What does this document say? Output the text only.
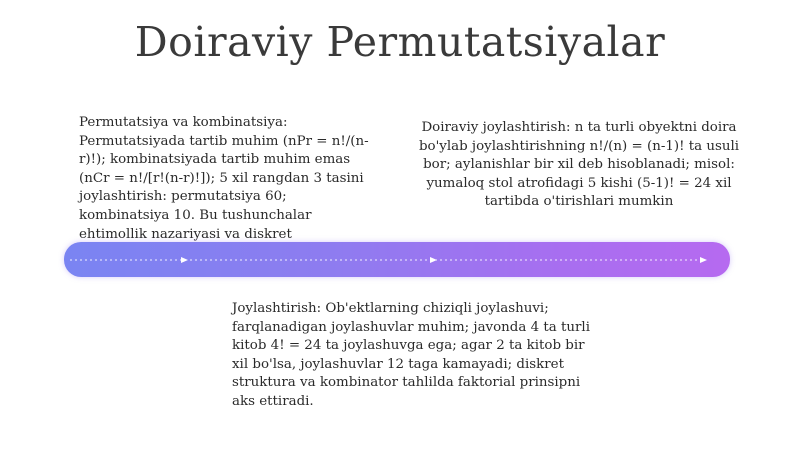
Doiraviy Permutatsiyalar
Permutatsiya va kombinatsiya: Permutatsiyada tartib muhim (nPr = n!/(n-r)!); kombinatsiyada tartib muhim emas (nCr = n!/[r!(n-r)!]); 5 xil rangdan 3 tasini joylashtirish: permutatsiya 60; kombinatsiya 10. Bu tushunchalar ehtimollik nazariyasi va diskret
Doiraviy joylashtirish: n ta turli obyektni doira bo'ylab joylashtirishning n!/(n) = (n-1)! ta usuli bor; aylanishlar bir xil deb hisoblanadi; misol: yumaloq stol atrofidagi 5 kishi (5-1)! = 24 xil tartibda o'tirishlari mumkin
Joylashtirish: Ob'ektlarning chiziqli joylashuvi; farqlanadigan joylashuvlar muhim; javonda 4 ta turli kitob 4! = 24 ta joylashuvga ega; agar 2 ta kitob bir xil bo'lsa, joylashuvlar 12 taga kamayadi; diskret struktura va kombinator tahlilda faktorial prinsipni aks ettiradi.
